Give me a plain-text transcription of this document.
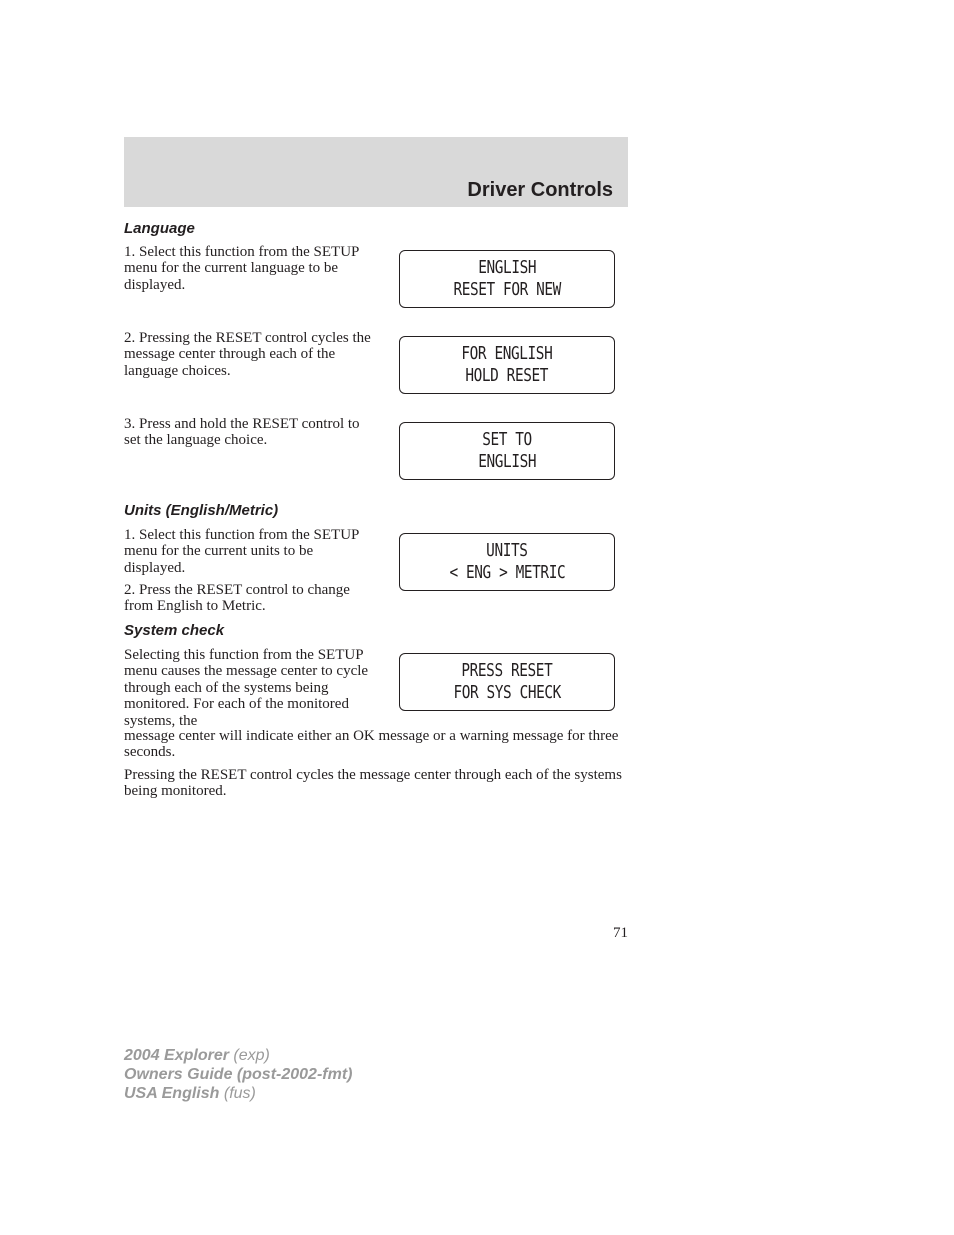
Driver Controls
Language
1. Select this function from the SETUP menu for the current language to be displayed.
2. Pressing the RESET control cycles the message center through each of the language choices.
3. Press and hold the RESET control to set the language choice.
ENGLISH
RESET FOR NEW
FOR ENGLISH
HOLD RESET
SET TO
ENGLISH
Units (English/Metric)
1. Select this function from the SETUP menu for the current units to be displayed.
2. Press the RESET control to change from English to Metric.
UNITS
< ENG > METRIC
System check
Selecting this function from the SETUP menu causes the message center to cycle through each of the systems being monitored. For each of the monitored systems, the
message center will indicate either an OK message or a warning message for three seconds.
Pressing the RESET control cycles the message center through each of the systems being monitored.
PRESS RESET
FOR SYS CHECK
71
2004 Explorer (exp)
Owners Guide (post-2002-fmt)
USA English (fus)
